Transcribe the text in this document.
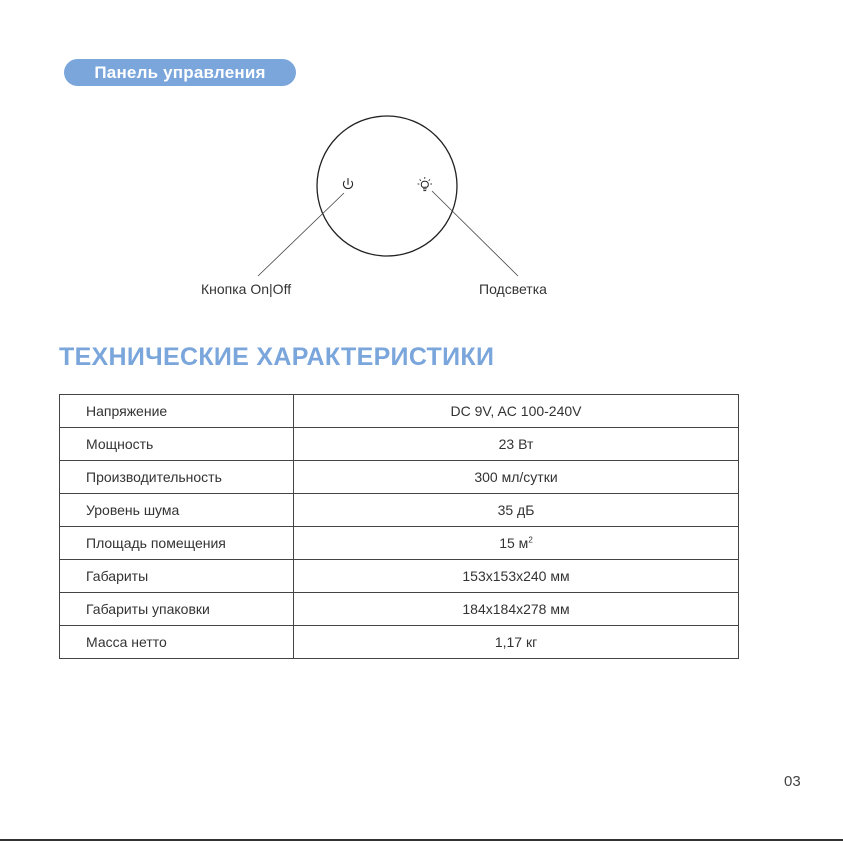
Панель управления
Кнопка On|Off	Подсветка
ТЕХНИЧЕСКИЕ ХАРАКТЕРИСТИКИ
Напряжение	DC 9V, AC 100-240V
Мощность	23 Вт
Производительность	300 мл/сутки
Уровень шума	35 дБ
Площадь помещения	15 $м^2$
Габариты	153x153x240 мм
Габариты упаковки	184x184x278 мм
Масса нетто	1,17 кг
03
